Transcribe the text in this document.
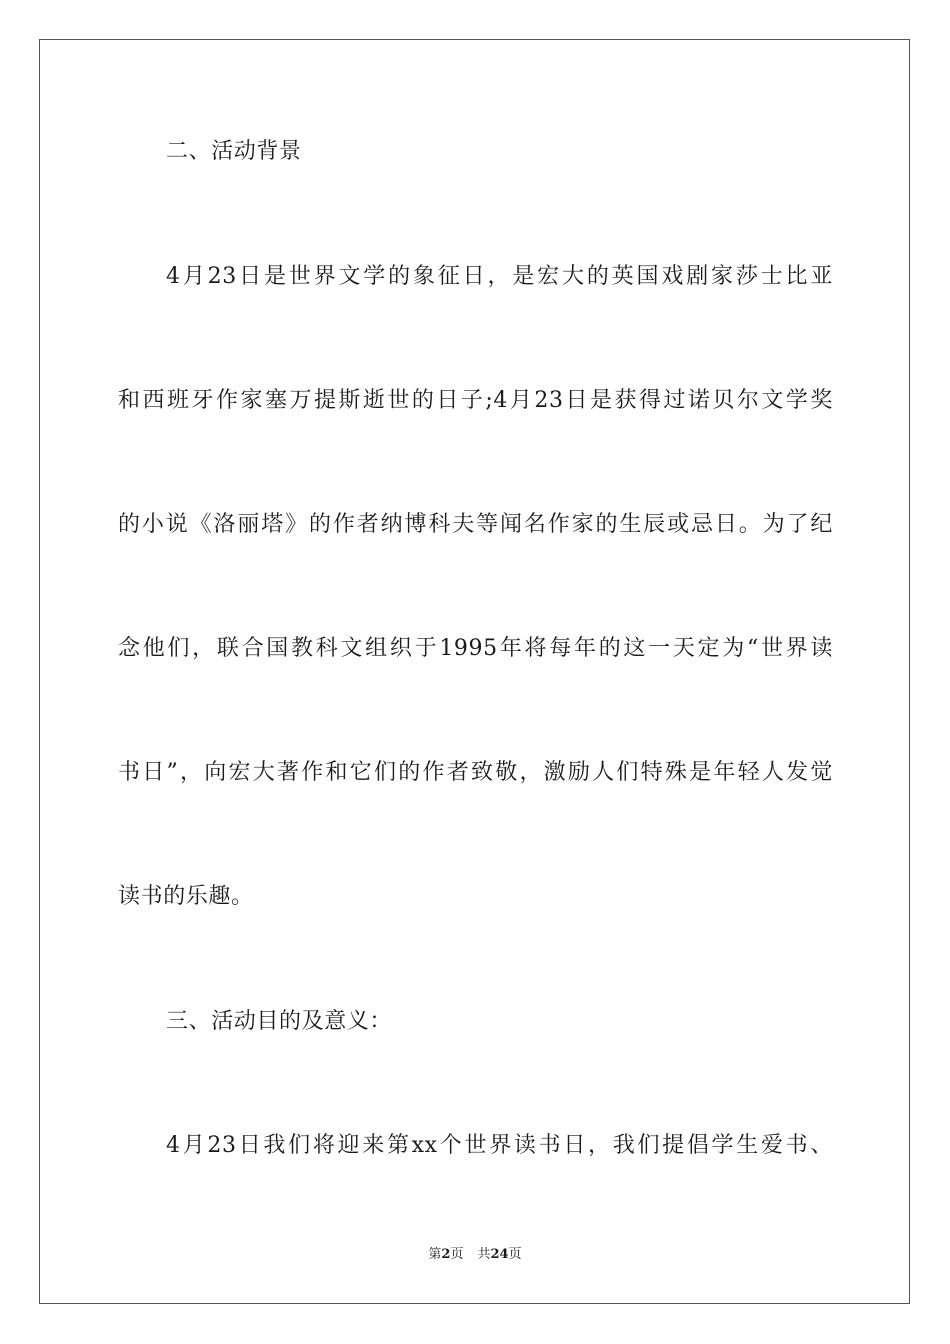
二、活动背景
4月23日是世界文学的象征日，是宏大的英国戏剧家莎士比亚
和西班牙作家塞万提斯逝世的日子;4月23日是获得过诺贝尔文学奖
的小说《洛丽塔》的作者纳博科夫等闻名作家的生辰或忌日。为了纪
念他们，联合国教科文组织于1995年将每年的这一天定为“世界读
书日”，向宏大著作和它们的作者致敬，激励人们特殊是年轻人发觉
读书的乐趣。
三、活动目的及意义：
4月23日我们将迎来第xx个世界读书日，我们提倡学生爱书、
第2页 共24页
